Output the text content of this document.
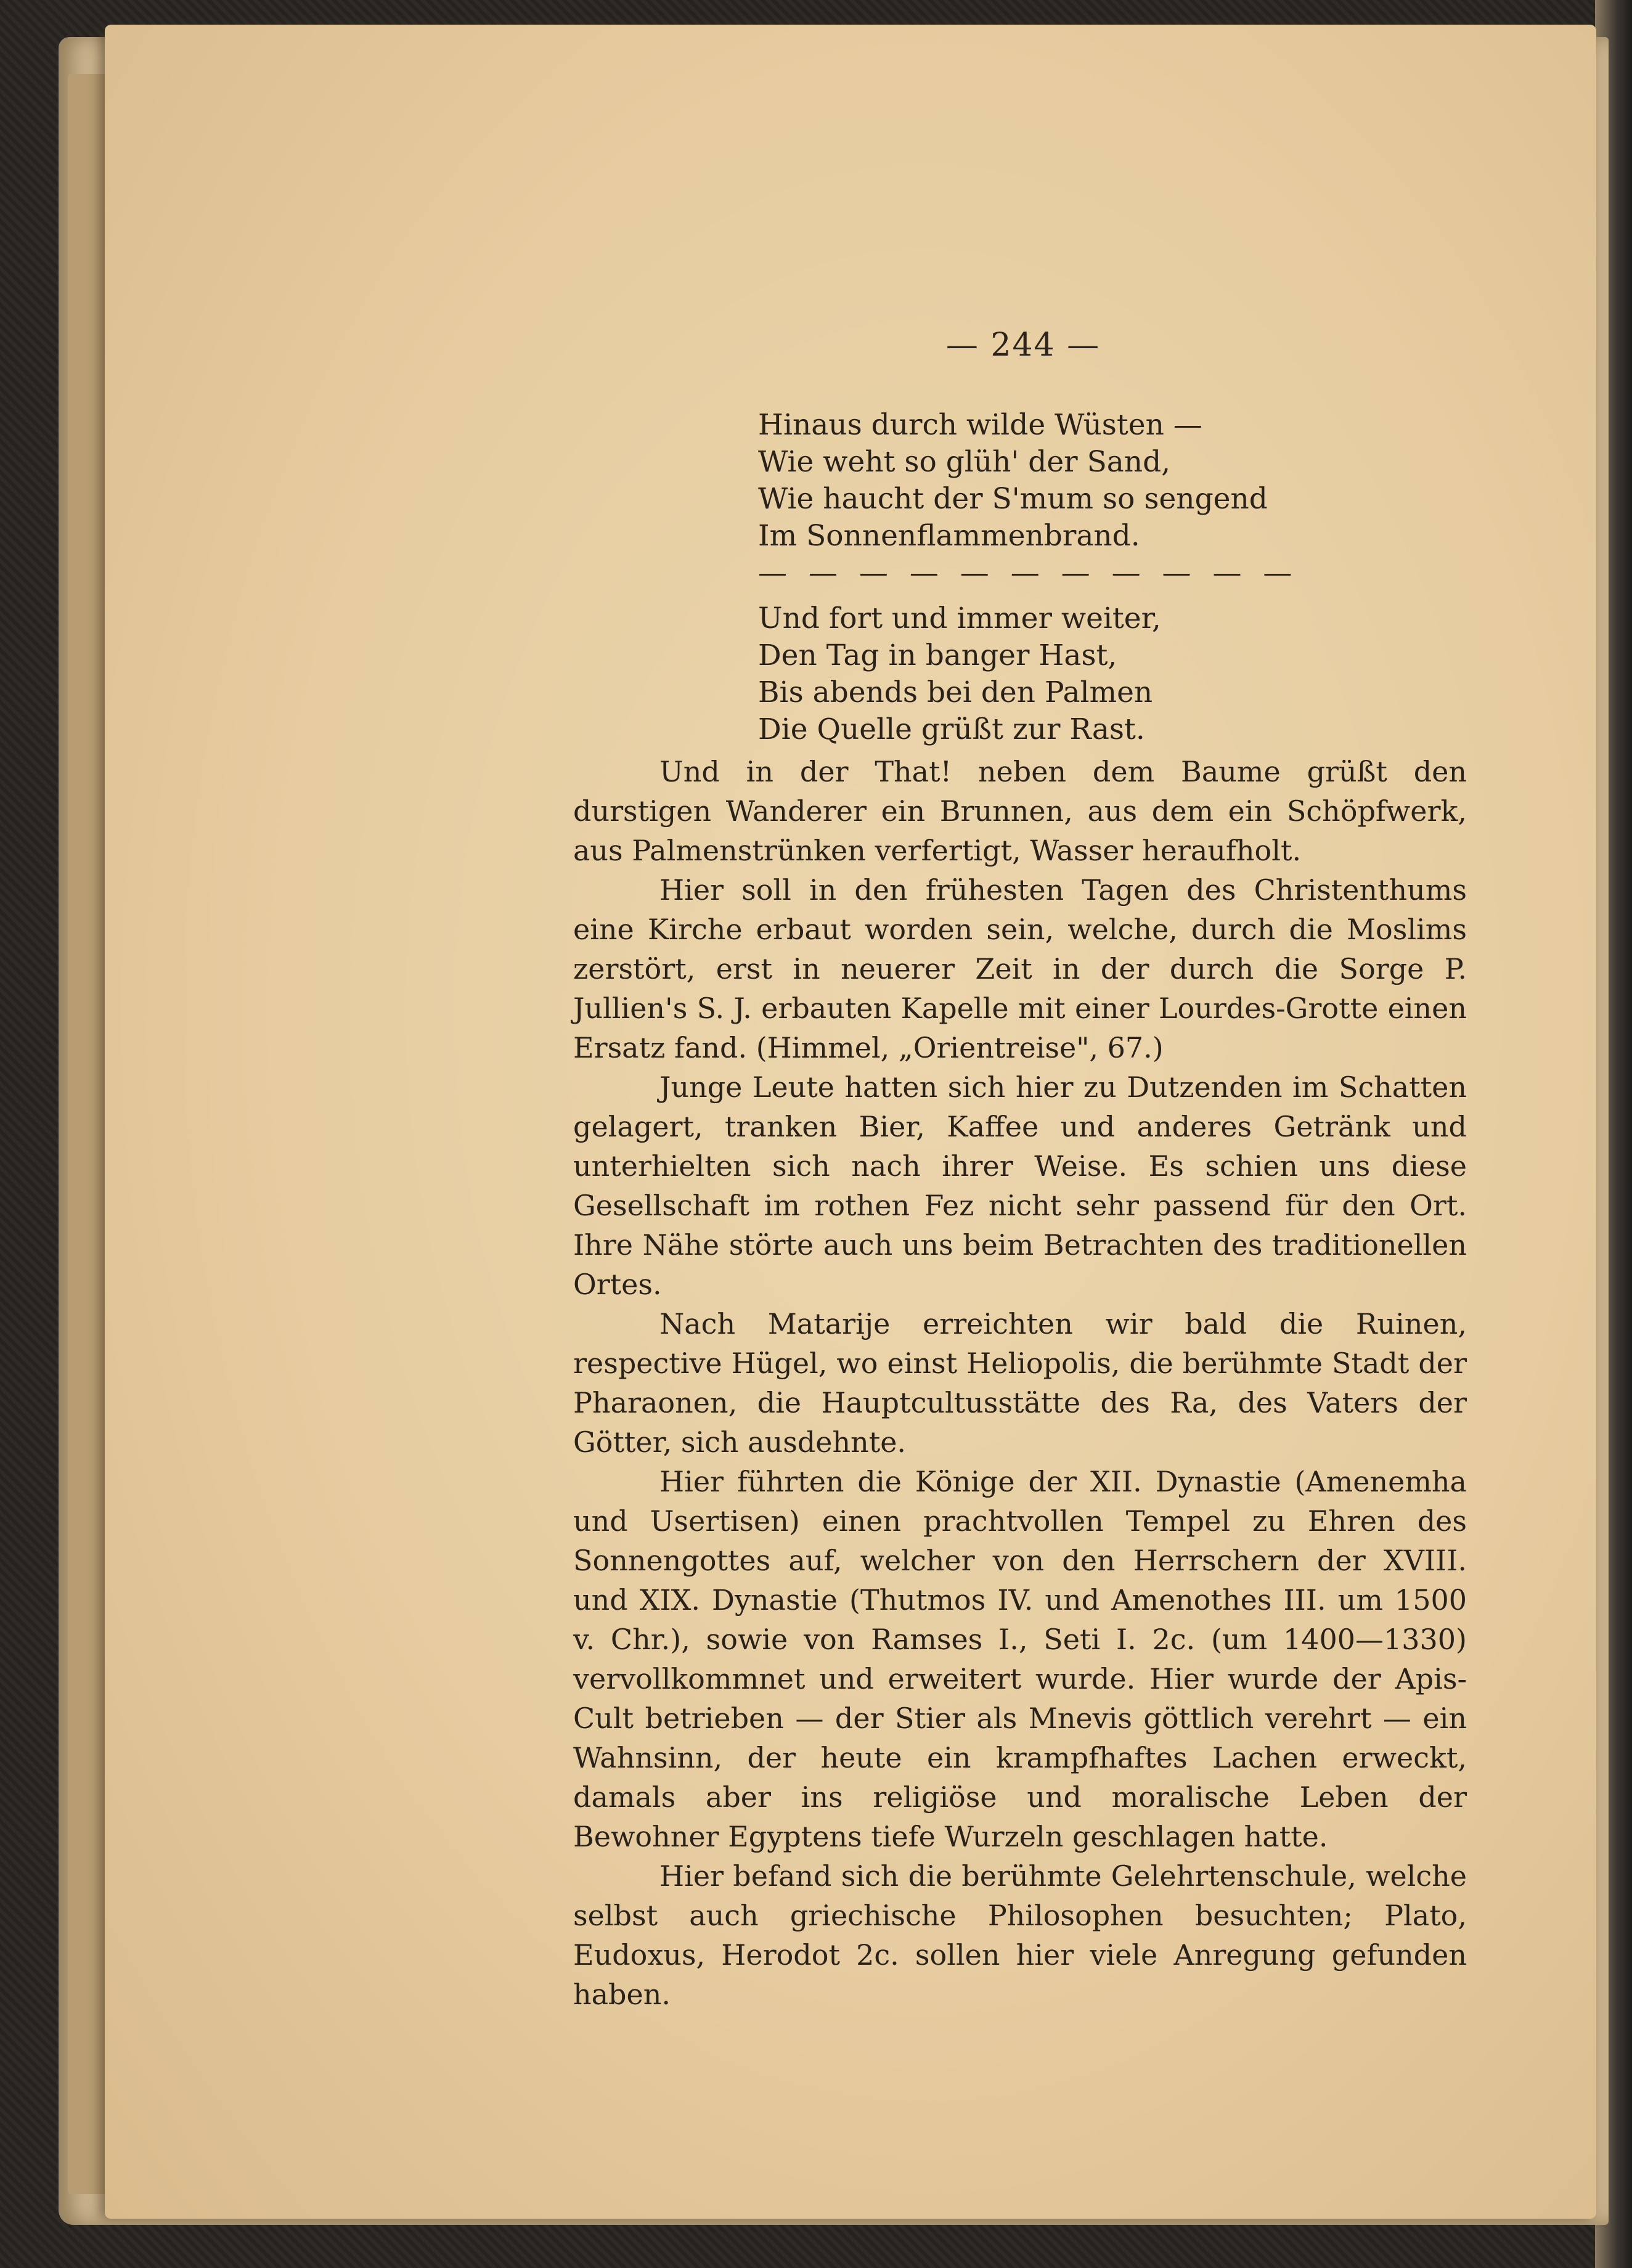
— 244 —
Hinaus durch wilde Wüsten —
Wie weht so glüh' der Sand,
Wie haucht der S'mum so sengend
Im Sonnenflammenbrand.
— — — — — — — — — — —
Und fort und immer weiter,
Den Tag in banger Hast,
Bis abends bei den Palmen
Die Quelle grüßt zur Rast.

Und in der That! neben dem Baume grüßt den durstigen Wanderer ein Brunnen, aus dem ein Schöpfwerk, aus Palmenstrünken verfertigt, Wasser heraufholt.

Hier soll in den frühesten Tagen des Christenthums eine Kirche erbaut worden sein, welche, durch die Moslims zerstört, erst in neuerer Zeit in der durch die Sorge P. Jullien's S. J. erbauten Kapelle mit einer Lourdes-Grotte einen Ersatz fand. (Himmel, „Orientreise", 67.)

Junge Leute hatten sich hier zu Dutzenden im Schatten gelagert, tranken Bier, Kaffee und anderes Getränk und unterhielten sich nach ihrer Weise. Es schien uns diese Gesellschaft im rothen Fez nicht sehr passend für den Ort. Ihre Nähe störte auch uns beim Betrachten des traditionellen Ortes.

Nach Matarije erreichten wir bald die Ruinen, respective Hügel, wo einst Heliopolis, die berühmte Stadt der Pharaonen, die Hauptcultusstätte des Ra, des Vaters der Götter, sich ausdehnte.

Hier führten die Könige der XII. Dynastie (Amenemha und Usertisen) einen prachtvollen Tempel zu Ehren des Sonnengottes auf, welcher von den Herrschern der XVIII. und XIX. Dynastie (Thutmos IV. und Amenothes III. um 1500 v. Chr.), sowie von Ramses I., Seti I. 2c. (um 1400—1330) vervollkommnet und erweitert wurde. Hier wurde der Apis-Cult betrieben — der Stier als Mnevis göttlich verehrt — ein Wahnsinn, der heute ein krampfhaftes Lachen erweckt, damals aber ins religiöse und moralische Leben der Bewohner Egyptens tiefe Wurzeln geschlagen hatte.

Hier befand sich die berühmte Gelehrtenschule, welche selbst auch griechische Philosophen besuchten; Plato, Eudoxus, Herodot 2c. sollen hier viele Anregung gefunden haben.
